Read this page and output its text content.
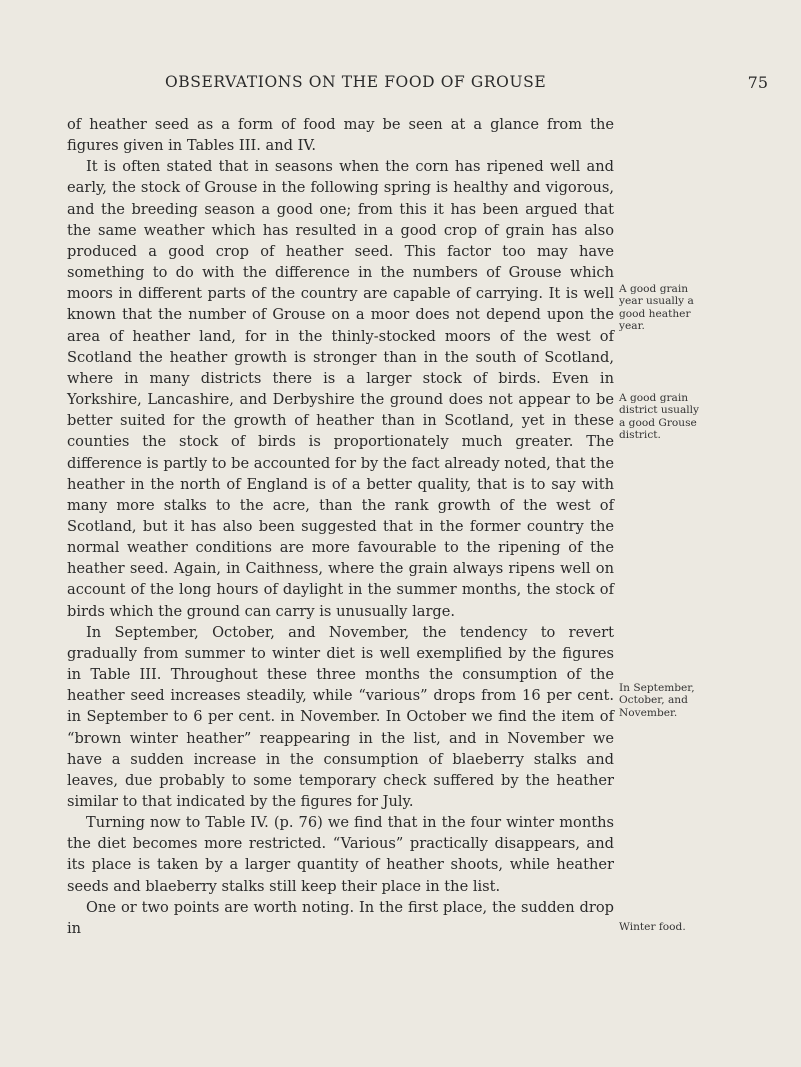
OBSERVATIONS ON THE FOOD OF GROUSE	75

of heather seed as a form of food may be seen at a glance from the figures given in Tables III. and IV.

It is often stated that in seasons when the corn has ripened well and early, the stock of Grouse in the following spring is healthy and vigorous, and the breeding season a good one; from this it has been argued that the same weather which has resulted in a good crop of grain has also produced a good crop of heather seed. This factor too may have something to do with the difference in the numbers of Grouse which moors in different parts of the country are capable of carrying. It is well known that the number of Grouse on a moor does not depend upon the area of heather land, for in the thinly-stocked moors of the west of Scotland the heather growth is stronger than in the south of Scotland, where in many districts there is a larger stock of birds. Even in Yorkshire, Lancashire, and Derbyshire the ground does not appear to be better suited for the growth of heather than in Scotland, yet in these counties the stock of birds is proportionately much greater. The difference is partly to be accounted for by the fact already noted, that the heather in the north of England is of a better quality, that is to say with many more stalks to the acre, than the rank growth of the west of Scotland, but it has also been suggested that in the former country the normal weather conditions are more favourable to the ripening of the heather seed. Again, in Caithness, where the grain always ripens well on account of the long hours of daylight in the summer months, the stock of birds which the ground can carry is unusually large.

In September, October, and November, the tendency to revert gradually from summer to winter diet is well exemplified by the figures in Table III. Throughout these three months the consumption of the heather seed increases steadily, while “various” drops from 16 per cent. in September to 6 per cent. in November. In October we find the item of “brown winter heather” reappearing in the list, and in November we have a sudden increase in the consumption of blaeberry stalks and leaves, due probably to some temporary check suffered by the heather similar to that indicated by the figures for July.

Turning now to Table IV. (p. 76) we find that in the four winter months the diet becomes more restricted. “Various” practically disappears, and its place is taken by a larger quantity of heather shoots, while heather seeds and blaeberry stalks still keep their place in the list.

One or two points are worth noting. In the first place, the sudden drop in

A good grain year usually a good heather year.
A good grain district usually a good Grouse district.
In September, October, and November.
Winter food.
